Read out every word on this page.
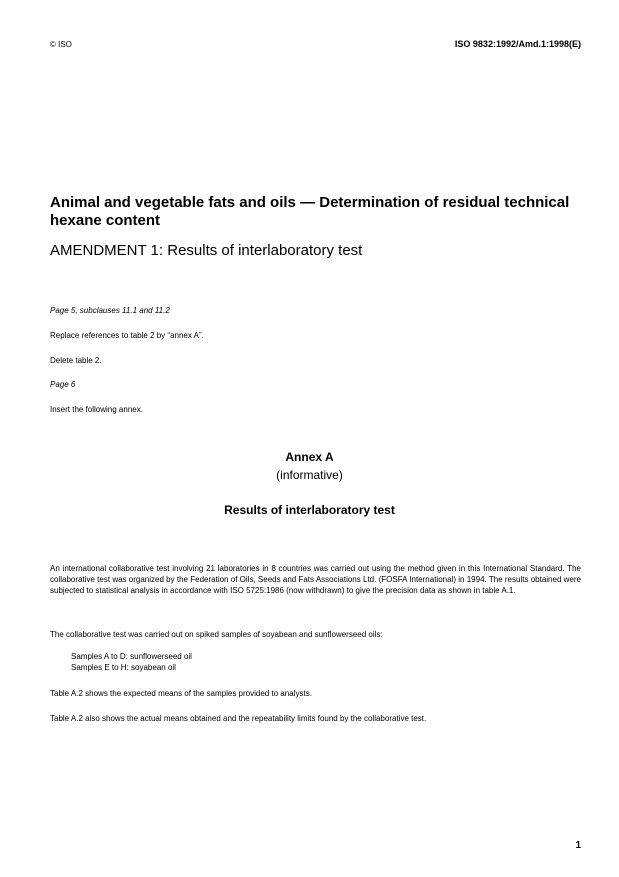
© ISO	ISO 9832:1992/Amd.1:1998(E)
Animal and vegetable fats and oils — Determination of residual technical hexane content
AMENDMENT 1: Results of interlaboratory test
Page 5, subclauses 11.1 and 11.2
Replace references to table 2 by “annex A”.
Delete table 2.
Page 6
Insert the following annex.
Annex A
(informative)
Results of interlaboratory test
An international collaborative test involving 21 laboratories in 8 countries was carried out using the method given in this International Standard. The collaborative test was organized by the Federation of Oils, Seeds and Fats Associations Ltd. (FOSFA International) in 1994. The results obtained were subjected to statistical analysis in accordance with ISO 5725:1986 (now withdrawn) to give the precision data as shown in table A.1.
The collaborative test was carried out on spiked samples of soyabean and sunflowerseed oils:
Samples A to D: sunflowerseed oil
Samples E to H: soyabean oil
Table A.2 shows the expected means of the samples provided to analysts.
Table A.2 also shows the actual means obtained and the repeatability limits found by the collaborative test.
1
